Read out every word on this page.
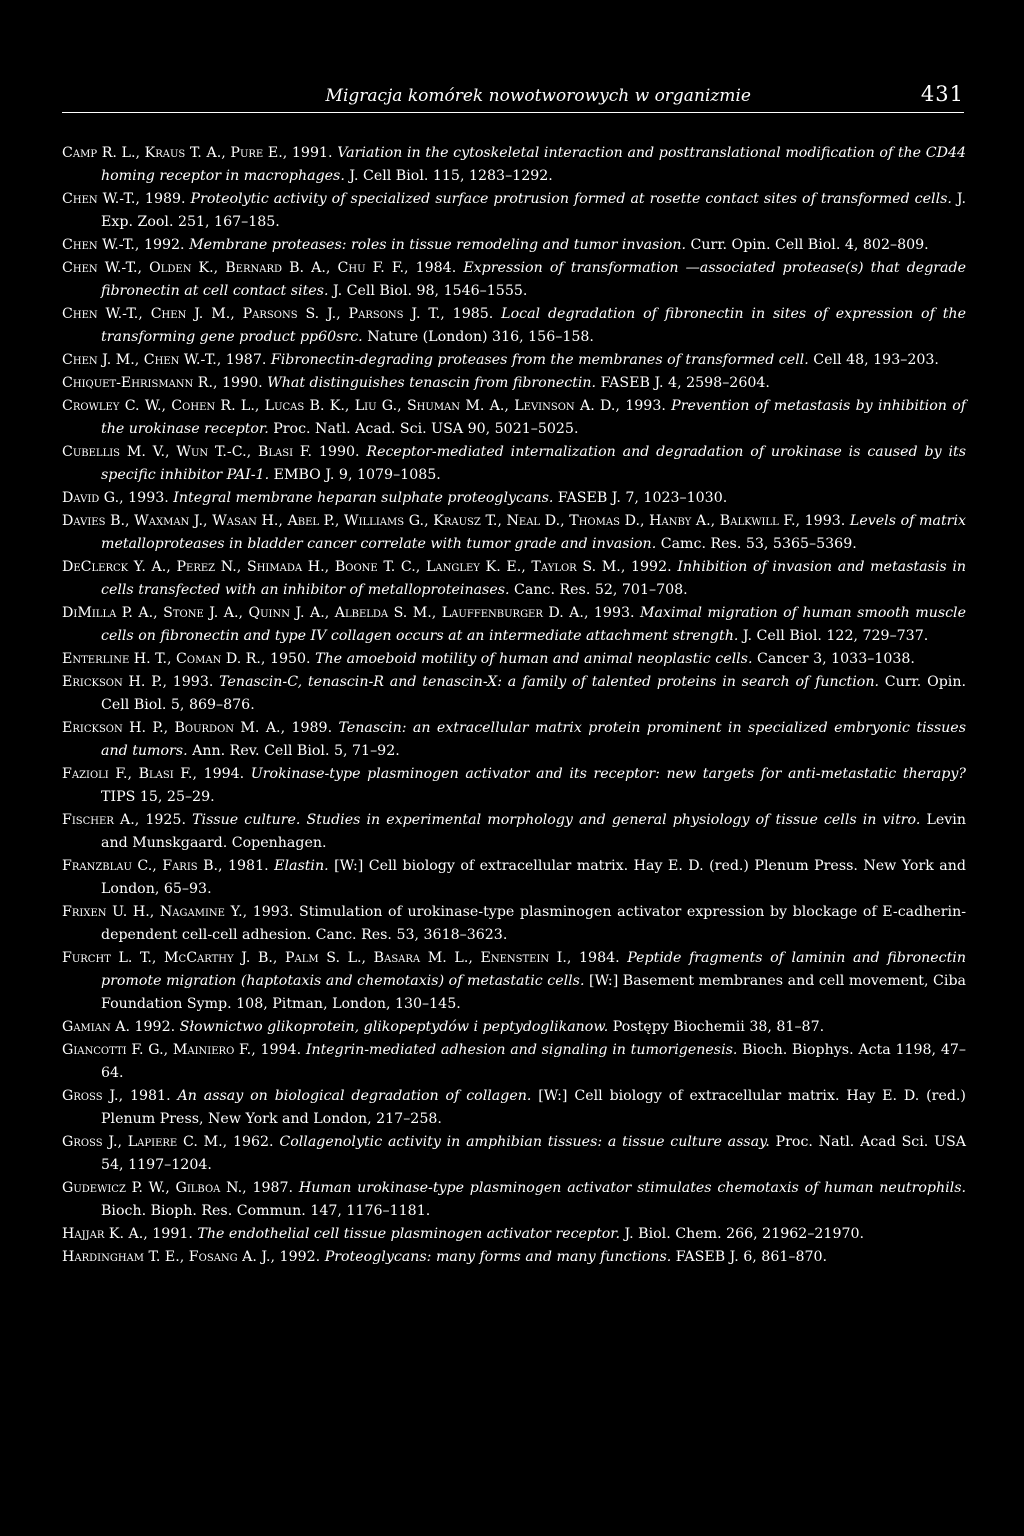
Migracja komórek nowotworowych w organizmie	431

Camp R. L., Kraus T. A., Pure E., 1991. Variation in the cytoskeletal interaction and posttranslational modification of the CD44 homing receptor in macrophages. J. Cell Biol. 115, 1283–1292.

Chen W.-T., 1989. Proteolytic activity of specialized surface protrusion formed at rosette contact sites of transformed cells. J. Exp. Zool. 251, 167–185.

Chen W.-T., 1992. Membrane proteases: roles in tissue remodeling and tumor invasion. Curr. Opin. Cell Biol. 4, 802–809.

Chen W.-T., Olden K., Bernard B. A., Chu F. F., 1984. Expression of transformation —associated protease(s) that degrade fibronectin at cell contact sites. J. Cell Biol. 98, 1546–1555.

Chen W.-T., Chen J. M., Parsons S. J., Parsons J. T., 1985. Local degradation of fibronectin in sites of expression of the transforming gene product pp60src. Nature (London) 316, 156–158.

Chen J. M., Chen W.-T., 1987. Fibronectin-degrading proteases from the membranes of transformed cell. Cell 48, 193–203.

Chiquet-Ehrismann R., 1990. What distinguishes tenascin from fibronectin. FASEB J. 4, 2598–2604.

Crowley C. W., Cohen R. L., Lucas B. K., Liu G., Shuman M. A., Levinson A. D., 1993. Prevention of metastasis by inhibition of the urokinase receptor. Proc. Natl. Acad. Sci. USA 90, 5021–5025.

Cubellis M. V., Wun T.-C., Blasi F. 1990. Receptor-mediated internalization and degradation of urokinase is caused by its specific inhibitor PAI-1. EMBO J. 9, 1079–1085.

David G., 1993. Integral membrane heparan sulphate proteoglycans. FASEB J. 7, 1023–1030.

Davies B., Waxman J., Wasan H., Abel P., Williams G., Krausz T., Neal D., Thomas D., Hanby A., Balkwill F., 1993. Levels of matrix metalloproteases in bladder cancer correlate with tumor grade and invasion. Camc. Res. 53, 5365–5369.

DeClerck Y. A., Perez N., Shimada H., Boone T. C., Langley K. E., Taylor S. M., 1992. Inhibition of invasion and metastasis in cells transfected with an inhibitor of metalloproteinases. Canc. Res. 52, 701–708.

DiMilla P. A., Stone J. A., Quinn J. A., Albelda S. M., Lauffenburger D. A., 1993. Maximal migration of human smooth muscle cells on fibronectin and type IV collagen occurs at an intermediate attachment strength. J. Cell Biol. 122, 729–737.

Enterline H. T., Coman D. R., 1950. The amoeboid motility of human and animal neoplastic cells. Cancer 3, 1033–1038.

Erickson H. P., 1993. Tenascin-C, tenascin-R and tenascin-X: a family of talented proteins in search of function. Curr. Opin. Cell Biol. 5, 869–876.

Erickson H. P., Bourdon M. A., 1989. Tenascin: an extracellular matrix protein prominent in specialized embryonic tissues and tumors. Ann. Rev. Cell Biol. 5, 71–92.

Fazioli F., Blasi F., 1994. Urokinase-type plasminogen activator and its receptor: new targets for anti-metastatic therapy? TIPS 15, 25–29.

Fischer A., 1925. Tissue culture. Studies in experimental morphology and general physiology of tissue cells in vitro. Levin and Munskgaard. Copenhagen.

Franzblau C., Faris B., 1981. Elastin. [W:] Cell biology of extracellular matrix. Hay E. D. (red.) Plenum Press. New York and London, 65–93.

Frixen U. H., Nagamine Y., 1993. Stimulation of urokinase-type plasminogen activator expression by blockage of E-cadherin-dependent cell-cell adhesion. Canc. Res. 53, 3618–3623.

Furcht L. T., McCarthy J. B., Palm S. L., Basara M. L., Enenstein I., 1984. Peptide fragments of laminin and fibronectin promote migration (haptotaxis and chemotaxis) of metastatic cells. [W:] Basement membranes and cell movement, Ciba Foundation Symp. 108, Pitman, London, 130–145.

Gamian A. 1992. Słownictwo glikoprotein, glikopeptydów i peptydoglikanow. Postępy Biochemii 38, 81–87.

Giancotti F. G., Mainiero F., 1994. Integrin-mediated adhesion and signaling in tumorigenesis. Bioch. Biophys. Acta 1198, 47–64.

Gross J., 1981. An assay on biological degradation of collagen. [W:] Cell biology of extracellular matrix. Hay E. D. (red.) Plenum Press, New York and London, 217–258.

Gross J., Lapiere C. M., 1962. Collagenolytic activity in amphibian tissues: a tissue culture assay. Proc. Natl. Acad Sci. USA 54, 1197–1204.

Gudewicz P. W., Gilboa N., 1987. Human urokinase-type plasminogen activator stimulates chemotaxis of human neutrophils. Bioch. Bioph. Res. Commun. 147, 1176–1181.

Hajjar K. A., 1991. The endothelial cell tissue plasminogen activator receptor. J. Biol. Chem. 266, 21962–21970.

Hardingham T. E., Fosang A. J., 1992. Proteoglycans: many forms and many functions. FASEB J. 6, 861–870.
